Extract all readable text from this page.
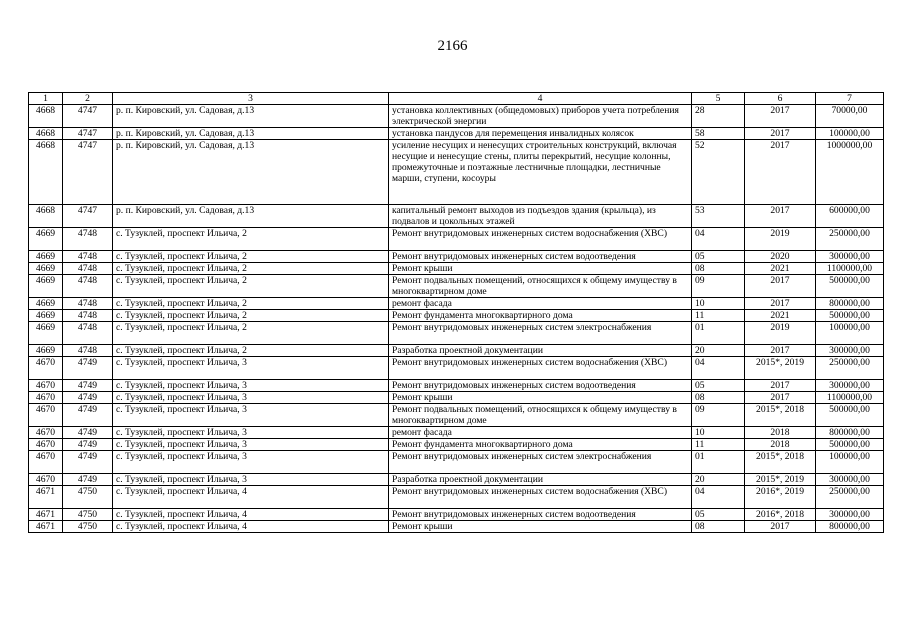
2166
1	2	3	4	5	6	7
4668	4747	р. п. Кировский, ул. Садовая, д.13	установка коллективных (общедомовых) приборов учета потребления электрической энергии	28	2017	70000,00
4668	4747	р. п. Кировский, ул. Садовая, д.13	установка пандусов для перемещения инвалидных колясок	58	2017	100000,00
4668	4747	р. п. Кировский, ул. Садовая, д.13	усиление несущих и ненесущих строительных конструкций, включая несущие и ненесущие стены, плиты перекрытий, несущие колонны, промежуточные и поэтажные лестничные площадки, лестничные марши, ступени, косоуры	52	2017	1000000,00
4668	4747	р. п. Кировский, ул. Садовая, д.13	капитальный ремонт выходов из подъездов здания (крыльца), из подвалов и цокольных этажей	53	2017	600000,00
4669	4748	с. Тузуклей, проспект Ильича, 2	Ремонт внутридомовых инженерных систем водоснабжения (ХВС)	04	2019	250000,00
4669	4748	с. Тузуклей, проспект Ильича, 2	Ремонт внутридомовых инженерных систем водоотведения	05	2020	300000,00
4669	4748	с. Тузуклей, проспект Ильича, 2	Ремонт крыши	08	2021	1100000,00
4669	4748	с. Тузуклей, проспект Ильича, 2	Ремонт подвальных помещений, относящихся к общему имуществу в многоквартирном доме	09	2017	500000,00
4669	4748	с. Тузуклей, проспект Ильича, 2	ремонт фасада	10	2017	800000,00
4669	4748	с. Тузуклей, проспект Ильича, 2	Ремонт фундамента многоквартирного дома	11	2021	500000,00
4669	4748	с. Тузуклей, проспект Ильича, 2	Ремонт внутридомовых инженерных систем электроснабжения	01	2019	100000,00
4669	4748	с. Тузуклей, проспект Ильича, 2	Разработка проектной документации	20	2017	300000,00
4670	4749	с. Тузуклей, проспект Ильича, 3	Ремонт внутридомовых инженерных систем водоснабжения (ХВС)	04	2015*, 2019	250000,00
4670	4749	с. Тузуклей, проспект Ильича, 3	Ремонт внутридомовых инженерных систем водоотведения	05	2017	300000,00
4670	4749	с. Тузуклей, проспект Ильича, 3	Ремонт крыши	08	2017	1100000,00
4670	4749	с. Тузуклей, проспект Ильича, 3	Ремонт подвальных помещений, относящихся к общему имуществу в многоквартирном доме	09	2015*, 2018	500000,00
4670	4749	с. Тузуклей, проспект Ильича, 3	ремонт фасада	10	2018	800000,00
4670	4749	с. Тузуклей, проспект Ильича, 3	Ремонт фундамента многоквартирного дома	11	2018	500000,00
4670	4749	с. Тузуклей, проспект Ильича, 3	Ремонт внутридомовых инженерных систем электроснабжения	01	2015*, 2018	100000,00
4670	4749	с. Тузуклей, проспект Ильича, 3	Разработка проектной документации	20	2015*, 2019	300000,00
4671	4750	с. Тузуклей, проспект Ильича, 4	Ремонт внутридомовых инженерных систем водоснабжения (ХВС)	04	2016*, 2019	250000,00
4671	4750	с. Тузуклей, проспект Ильича, 4	Ремонт внутридомовых инженерных систем водоотведения	05	2016*, 2018	300000,00
4671	4750	с. Тузуклей, проспект Ильича, 4	Ремонт крыши	08	2017	800000,00
